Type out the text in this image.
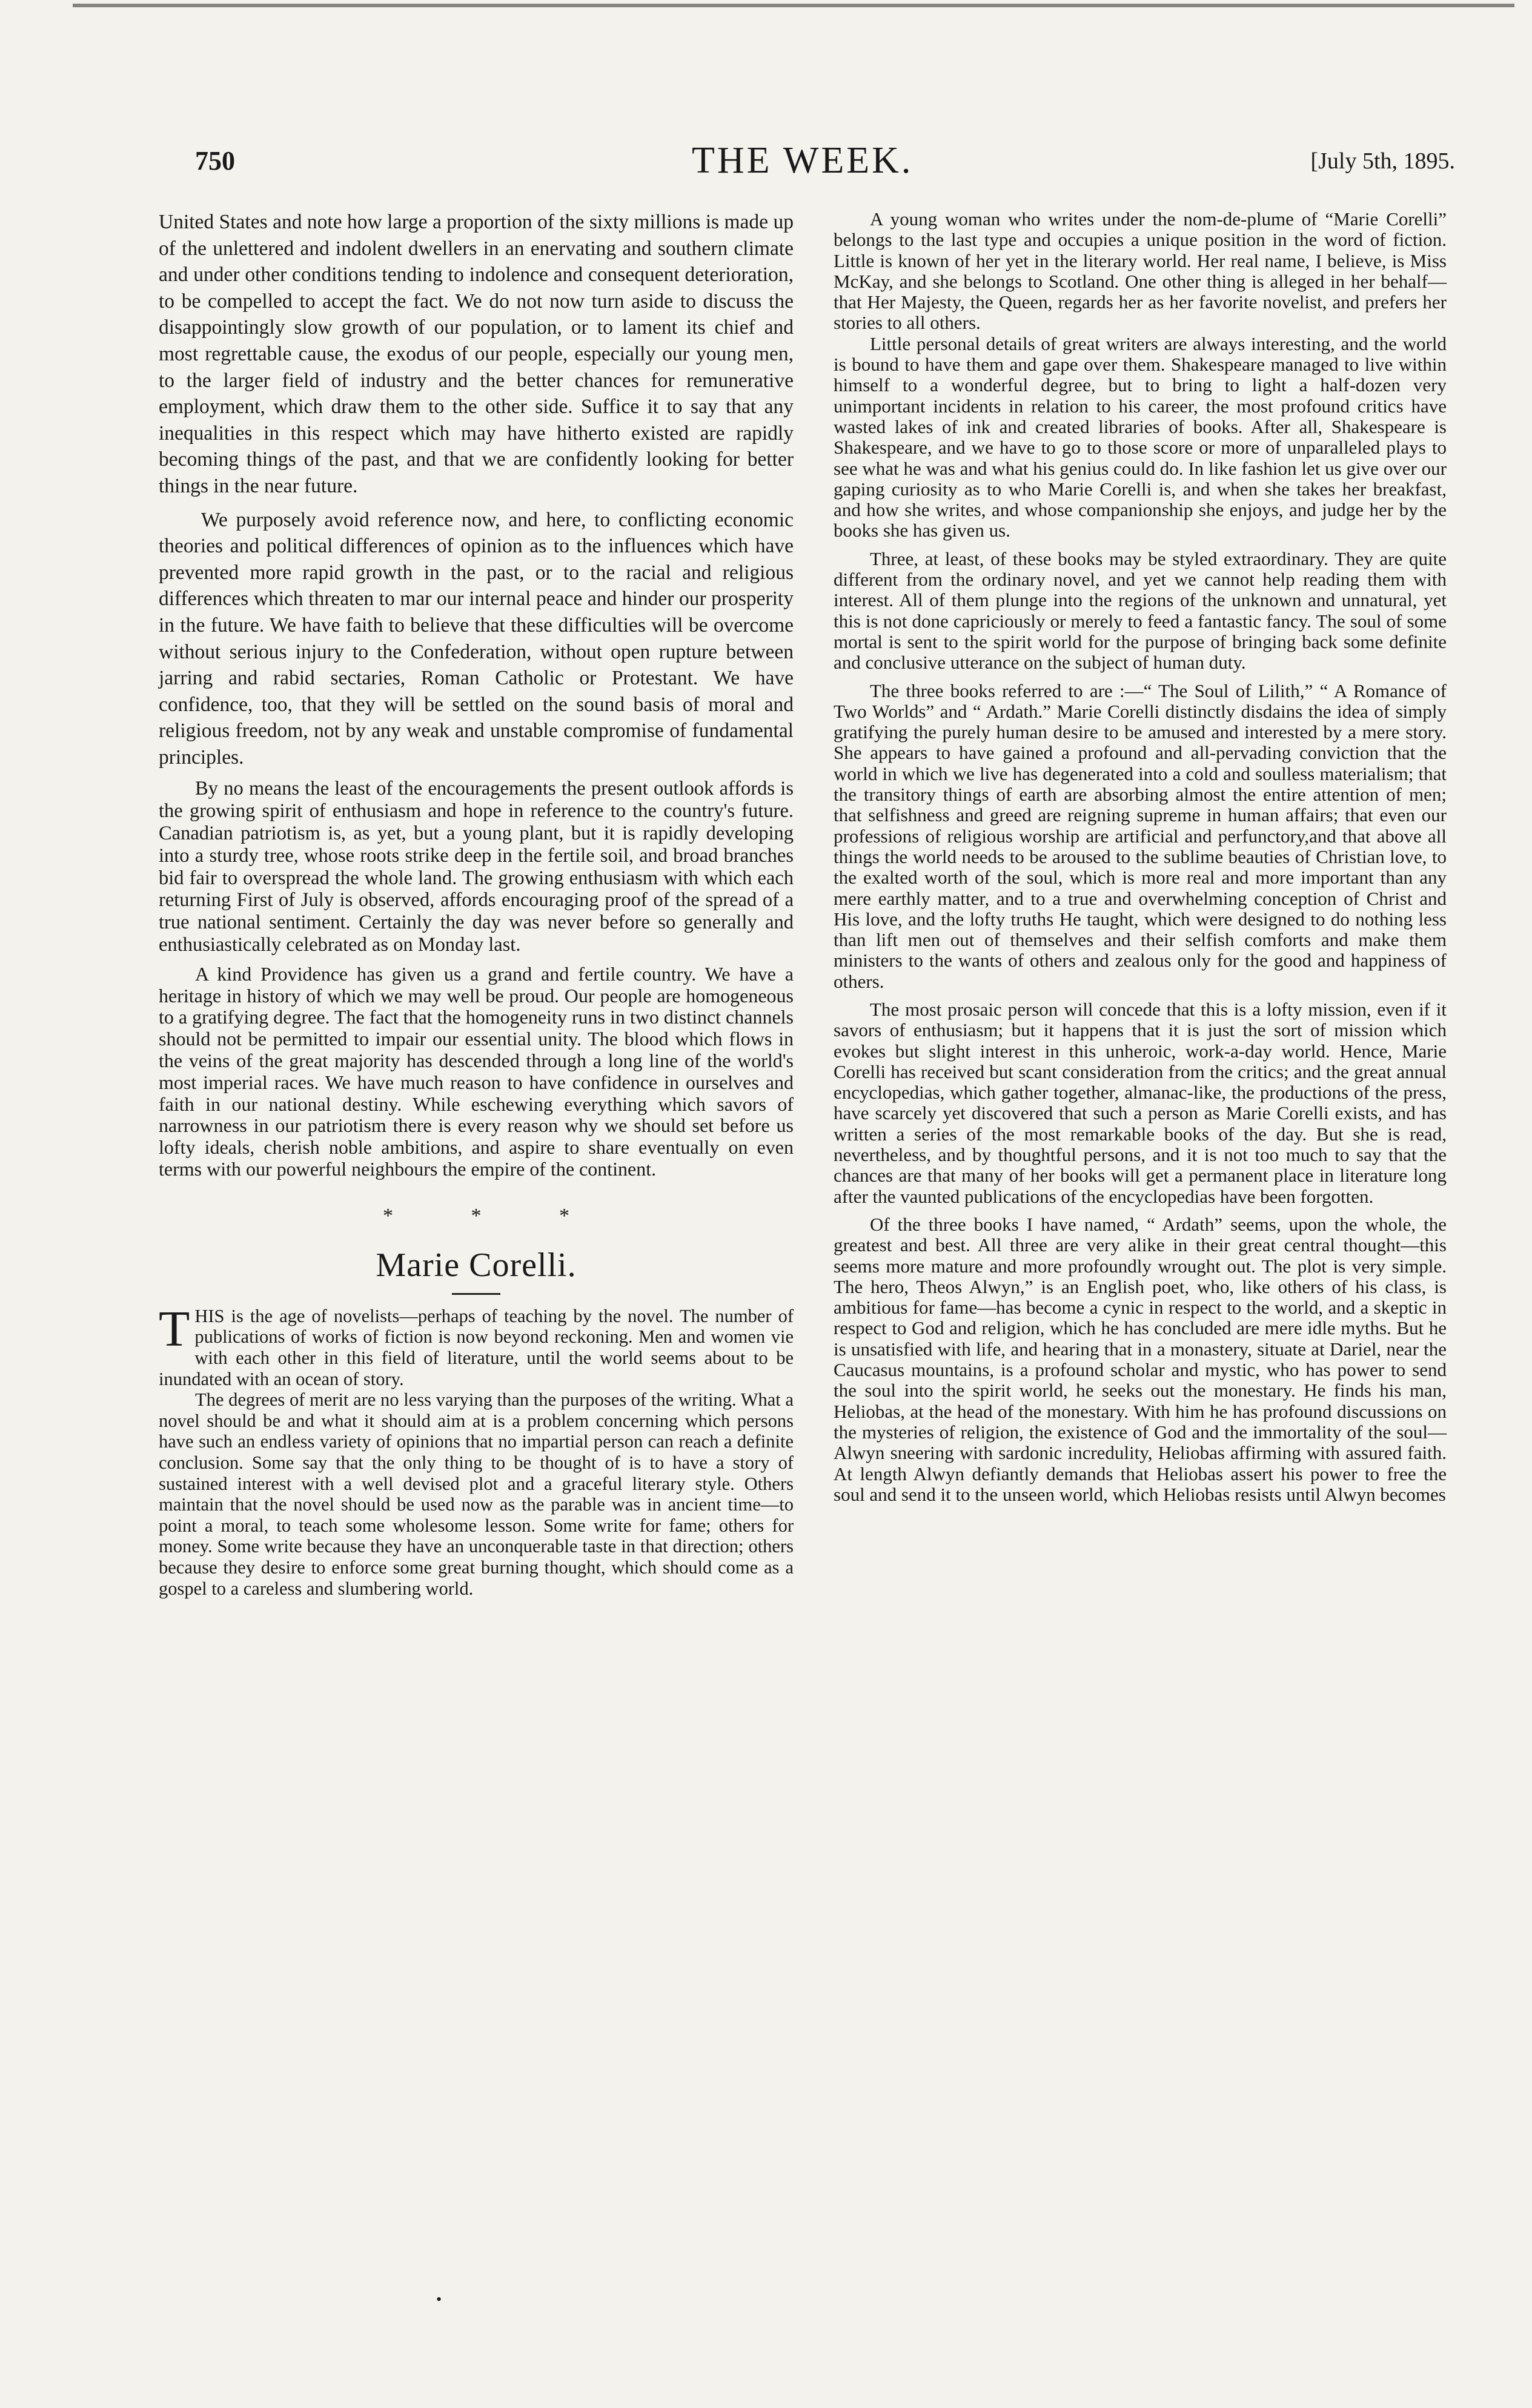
750	THE WEEK.	[July 5th, 1895.

United States and note how large a proportion of the sixty millions is made up of the unlettered and indolent dwellers in an enervating and southern climate and under other conditions tending to indolence and consequent deterioration, to be compelled to accept the fact. We do not now turn aside to discuss the disappointingly slow growth of our population, or to lament its chief and most regrettable cause, the exodus of our people, especially our young men, to the larger field of industry and the better chances for remunerative employment, which draw them to the other side. Suffice it to say that any inequalities in this respect which may have hitherto existed are rapidly becoming things of the past, and that we are confidently looking for better things in the near future.

We purposely avoid reference now, and here, to conflicting economic theories and political differences of opinion as to the influences which have prevented more rapid growth in the past, or to the racial and religious differences which threaten to mar our internal peace and hinder our prosperity in the future. We have faith to believe that these difficulties will be overcome without serious injury to the Confederation, without open rupture between jarring and rabid sectaries, Roman Catholic or Protestant. We have confidence, too, that they will be settled on the sound basis of moral and religious freedom, not by any weak and unstable compromise of fundamental principles.

By no means the least of the encouragements the present outlook affords is the growing spirit of enthusiasm and hope in reference to the country's future. Canadian patriotism is, as yet, but a young plant, but it is rapidly developing into a sturdy tree, whose roots strike deep in the fertile soil, and broad branches bid fair to overspread the whole land. The growing enthusiasm with which each returning First of July is observed, affords encouraging proof of the spread of a true national sentiment. Certainly the day was never before so generally and enthusiastically celebrated as on Monday last.

A kind Providence has given us a grand and fertile country. We have a heritage in history of which we may well be proud. Our people are homogeneous to a gratifying degree. The fact that the homogeneity runs in two distinct channels should not be permitted to impair our essential unity. The blood which flows in the veins of the great majority has descended through a long line of the world's most imperial races. We have much reason to have confidence in ourselves and faith in our national destiny. While eschewing everything which savors of narrowness in our patriotism there is every reason why we should set before us lofty ideals, cherish noble ambitions, and aspire to share eventually on even terms with our powerful neighbours the empire of the continent.

* * *
Marie Corelli.

THIS is the age of novelists—perhaps of teaching by the novel. The number of publications of works of fiction is now beyond reckoning. Men and women vie with each other in this field of literature, until the world seems about to be inundated with an ocean of story.

The degrees of merit are no less varying than the purposes of the writing. What a novel should be and what it should aim at is a problem concerning which persons have such an endless variety of opinions that no impartial person can reach a definite conclusion. Some say that the only thing to be thought of is to have a story of sustained interest with a well devised plot and a graceful literary style. Others maintain that the novel should be used now as the parable was in ancient time—to point a moral, to teach some wholesome lesson. Some write for fame; others for money. Some write because they have an unconquerable taste in that direction; others because they desire to enforce some great burning thought, which should come as a gospel to a careless and slumbering world.

A young woman who writes under the nom-de-plume of “Marie Corelli” belongs to the last type and occupies a unique position in the word of fiction. Little is known of her yet in the literary world. Her real name, I believe, is Miss McKay, and she belongs to Scotland. One other thing is alleged in her behalf—that Her Majesty, the Queen, regards her as her favorite novelist, and prefers her stories to all others.

Little personal details of great writers are always interesting, and the world is bound to have them and gape over them. Shakespeare managed to live within himself to a wonderful degree, but to bring to light a half-dozen very unimportant incidents in relation to his career, the most profound critics have wasted lakes of ink and created libraries of books. After all, Shakespeare is Shakespeare, and we have to go to those score or more of unparalleled plays to see what he was and what his genius could do. In like fashion let us give over our gaping curiosity as to who Marie Corelli is, and when she takes her breakfast, and how she writes, and whose companionship she enjoys, and judge her by the books she has given us.

Three, at least, of these books may be styled extraordinary. They are quite different from the ordinary novel, and yet we cannot help reading them with interest. All of them plunge into the regions of the unknown and unnatural, yet this is not done capriciously or merely to feed a fantastic fancy. The soul of some mortal is sent to the spirit world for the purpose of bringing back some definite and conclusive utterance on the subject of human duty.

The three books referred to are :—“ The Soul of Lilith,” “ A Romance of Two Worlds” and “ Ardath.” Marie Corelli distinctly disdains the idea of simply gratifying the purely human desire to be amused and interested by a mere story. She appears to have gained a profound and all-pervading conviction that the world in which we live has degenerated into a cold and soulless materialism; that the transitory things of earth are absorbing almost the entire attention of men; that selfishness and greed are reigning supreme in human affairs; that even our professions of religious worship are artificial and perfunctory,and that above all things the world needs to be aroused to the sublime beauties of Christian love, to the exalted worth of the soul, which is more real and more important than any mere earthly matter, and to a true and overwhelming conception of Christ and His love, and the lofty truths He taught, which were designed to do nothing less than lift men out of themselves and their selfish comforts and make them ministers to the wants of others and zealous only for the good and happiness of others.

The most prosaic person will concede that this is a lofty mission, even if it savors of enthusiasm; but it happens that it is just the sort of mission which evokes but slight interest in this unheroic, work-a-day world. Hence, Marie Corelli has received but scant consideration from the critics; and the great annual encyclopedias, which gather together, almanac-like, the productions of the press, have scarcely yet discovered that such a person as Marie Corelli exists, and has written a series of the most remarkable books of the day. But she is read, nevertheless, and by thoughtful persons, and it is not too much to say that the chances are that many of her books will get a permanent place in literature long after the vaunted publications of the encyclopedias have been forgotten.

Of the three books I have named, “ Ardath” seems, upon the whole, the greatest and best. All three are very alike in their great central thought—this seems more mature and more profoundly wrought out. The plot is very simple. The hero, Theos Alwyn,” is an English poet, who, like others of his class, is ambitious for fame—has become a cynic in respect to the world, and a skeptic in respect to God and religion, which he has concluded are mere idle myths. But he is unsatisfied with life, and hearing that in a monastery, situate at Dariel, near the Caucasus mountains, is a profound scholar and mystic, who has power to send the soul into the spirit world, he seeks out the monestary. He finds his man, Heliobas, at the head of the monestary. With him he has profound discussions on the mysteries of religion, the existence of God and the immortality of the soul—Alwyn sneering with sardonic incredulity, Heliobas affirming with assured faith. At length Alwyn defiantly demands that Heliobas assert his power to free the soul and send it to the unseen world, which Heliobas resists until Alwyn becomes

•
